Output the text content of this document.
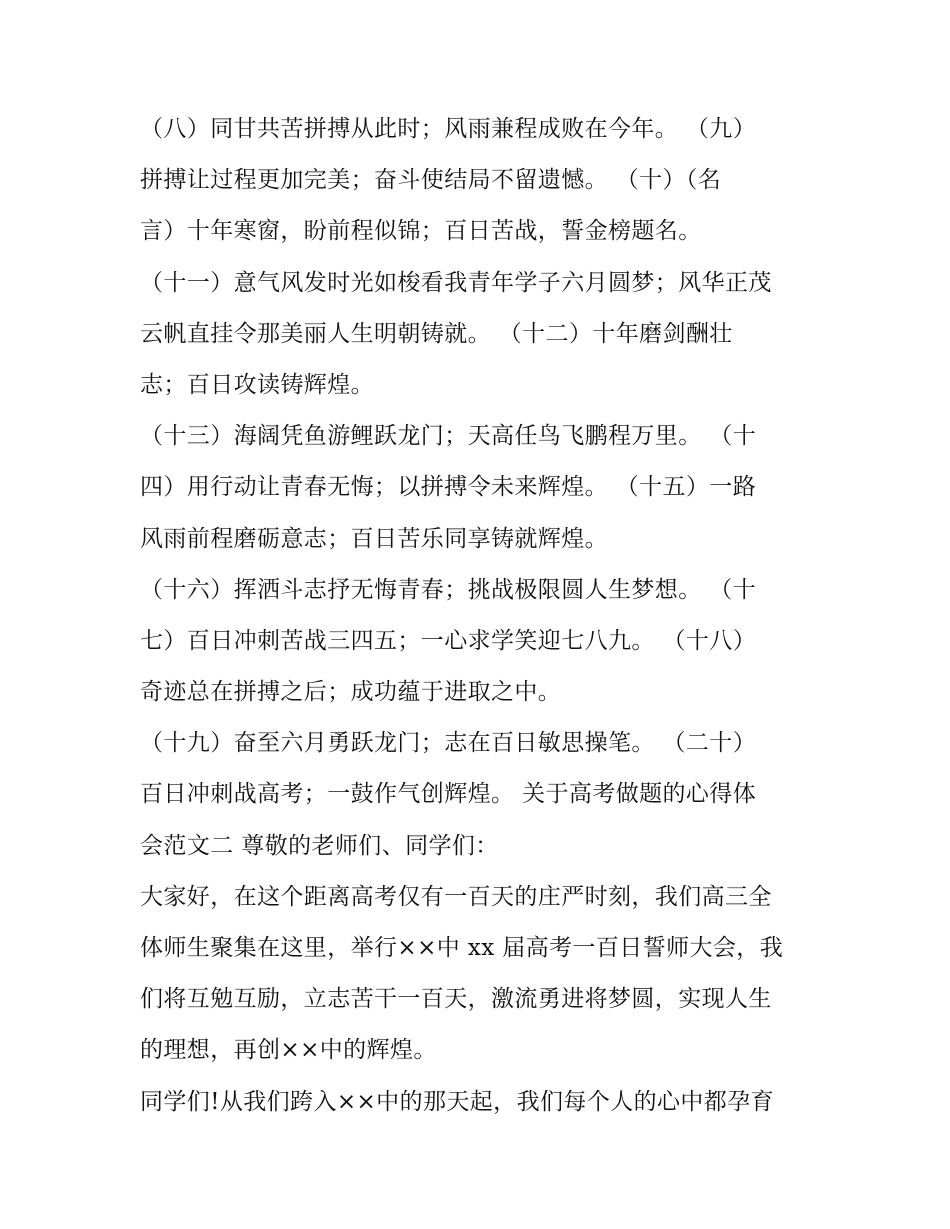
（八）同甘共苦拼搏从此时；风雨兼程成败在今年。 （九）
拼搏让过程更加完美；奋斗使结局不留遗憾。 （十）（名
言）十年寒窗，盼前程似锦；百日苦战，誓金榜题名。
（十一）意气风发时光如梭看我青年学子六月圆梦；风华正茂
云帆直挂令那美丽人生明朝铸就。 （十二）十年磨剑酬壮
志；百日攻读铸辉煌。
（十三）海阔凭鱼游鲤跃龙门；天高任鸟飞鹏程万里。 （十
四）用行动让青春无悔；以拼搏令未来辉煌。 （十五）一路
风雨前程磨砺意志；百日苦乐同享铸就辉煌。
（十六）挥洒斗志抒无悔青春；挑战极限圆人生梦想。 （十
七）百日冲刺苦战三四五；一心求学笑迎七八九。 （十八）
奇迹总在拼搏之后；成功蕴于进取之中。
（十九）奋至六月勇跃龙门；志在百日敏思操笔。 （二十）
百日冲刺战高考；一鼓作气创辉煌。 关于高考做题的心得体
会范文二 尊敬的老师们、同学们：
大家好，在这个距离高考仅有一百天的庄严时刻，我们高三全
体师生聚集在这里，举行××中 xx 届高考一百日誓师大会，我
们将互勉互励，立志苦干一百天，激流勇进将梦圆，实现人生
的理想，再创××中的辉煌。
同学们!从我们跨入××中的那天起，我们每个人的心中都孕育
